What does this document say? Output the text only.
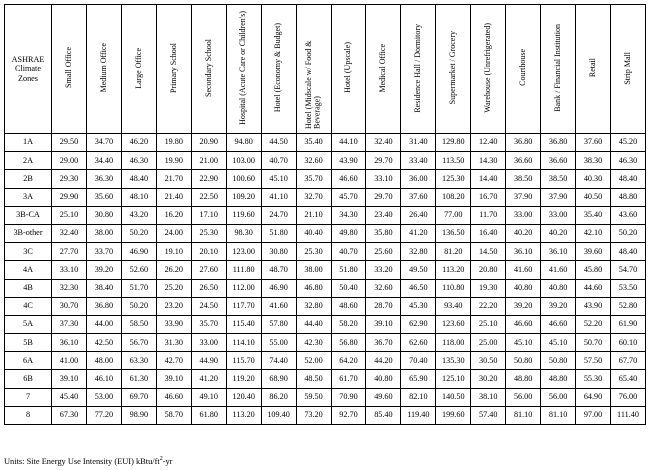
ASHRAE Climate Zones	Small Office	Medium Office	Large Office	Primary School	Secondary School	Hospital (Acute Care or Children's)	Hotel (Economy & Budget)	Hotel (Midscale w/ Food & Beverage)	Hotel (Upscale)	Medical Office	Residence Hall / Dormitory	Supermarket / Grocery	Warehouse (Unrefrigerated)	Courthouse	Bank / Financial Institution	Retail	Strip Mall
1A	29.50	34.70	46.20	19.80	20.90	94.80	44.50	35.40	44.10	32.40	31.40	129.80	12.40	36.80	36.80	37.60	45.20
2A	29.00	34.40	46.30	19.90	21.00	103.00	40.70	32.60	43.90	29.70	33.40	113.50	14.30	36.60	36.60	38.30	46.30
2B	29.30	36.30	48.40	21.70	22.90	100.60	45.10	35.70	46.60	33.10	36.00	125.30	14.40	38.50	38.50	40.30	48.40
3A	29.90	35.60	48.10	21.40	22.50	109.20	41.10	32.70	45.70	29.70	37.60	108.20	16.70	37.90	37.90	40.50	48.80
3B-CA	25.10	30.80	43.20	16.20	17.10	119.60	24.70	21.10	34.30	23.40	26.40	77.00	11.70	33.00	33.00	35.40	43.60
3B-other	32.40	38.00	50.20	24.00	25.30	98.30	51.80	40.40	49.80	35.80	41.20	136.50	16.40	40.20	40.20	42.10	50.20
3C	27.70	33.70	46.90	19.10	20.10	123.00	30.80	25.30	40.70	25.60	32.80	81.20	14.50	36.10	36.10	39.60	48.40
4A	33.10	39.20	52.60	26.20	27.60	111.80	48.70	38.00	51.80	33.20	49.50	113.20	20.80	41.60	41.60	45.80	54.70
4B	32.30	38.40	51.70	25.20	26.50	112.00	46.90	46.80	50.40	32.60	46.50	110.80	19.30	40.80	40.80	44.60	53.50
4C	30.70	36.80	50.20	23.20	24.50	117.70	41.60	32.80	48.60	28.70	45.30	93.40	22.20	39.20	39.20	43.90	52.80
5A	37.30	44.00	58.50	33.90	35.70	115.40	57.80	44.40	58.20	39.10	62.90	123.60	25.10	46.60	46.60	52.20	61.90
5B	36.10	42.50	56.70	31.30	33.00	114.10	55.00	42.30	56.80	36.70	62.60	118.00	25.00	45.10	45.10	50.70	60.10
6A	41.00	48.00	63.30	42.70	44.90	115.70	74.40	52.00	64.20	44.20	70.40	135.30	30.50	50.80	50.80	57.50	67.70
6B	39.10	46.10	61.30	39.10	41.20	119.20	68.90	48.50	61.70	40.80	65.90	125.10	30.20	48.80	48.80	55.30	65.40
7	45.40	53.00	69.70	46.60	49.10	120.40	86.20	59.50	70.90	49.60	82.10	140.50	38.10	56.00	56.00	64.90	76.00
8	67.30	77.20	98.90	58.70	61.80	113.20	109.40	73.20	92.70	85.40	119.40	199.60	57.40	81.10	81.10	97.00	111.40
Units: Site Energy Use Intensity (EUI) kBtu/$ft^2-yr$
